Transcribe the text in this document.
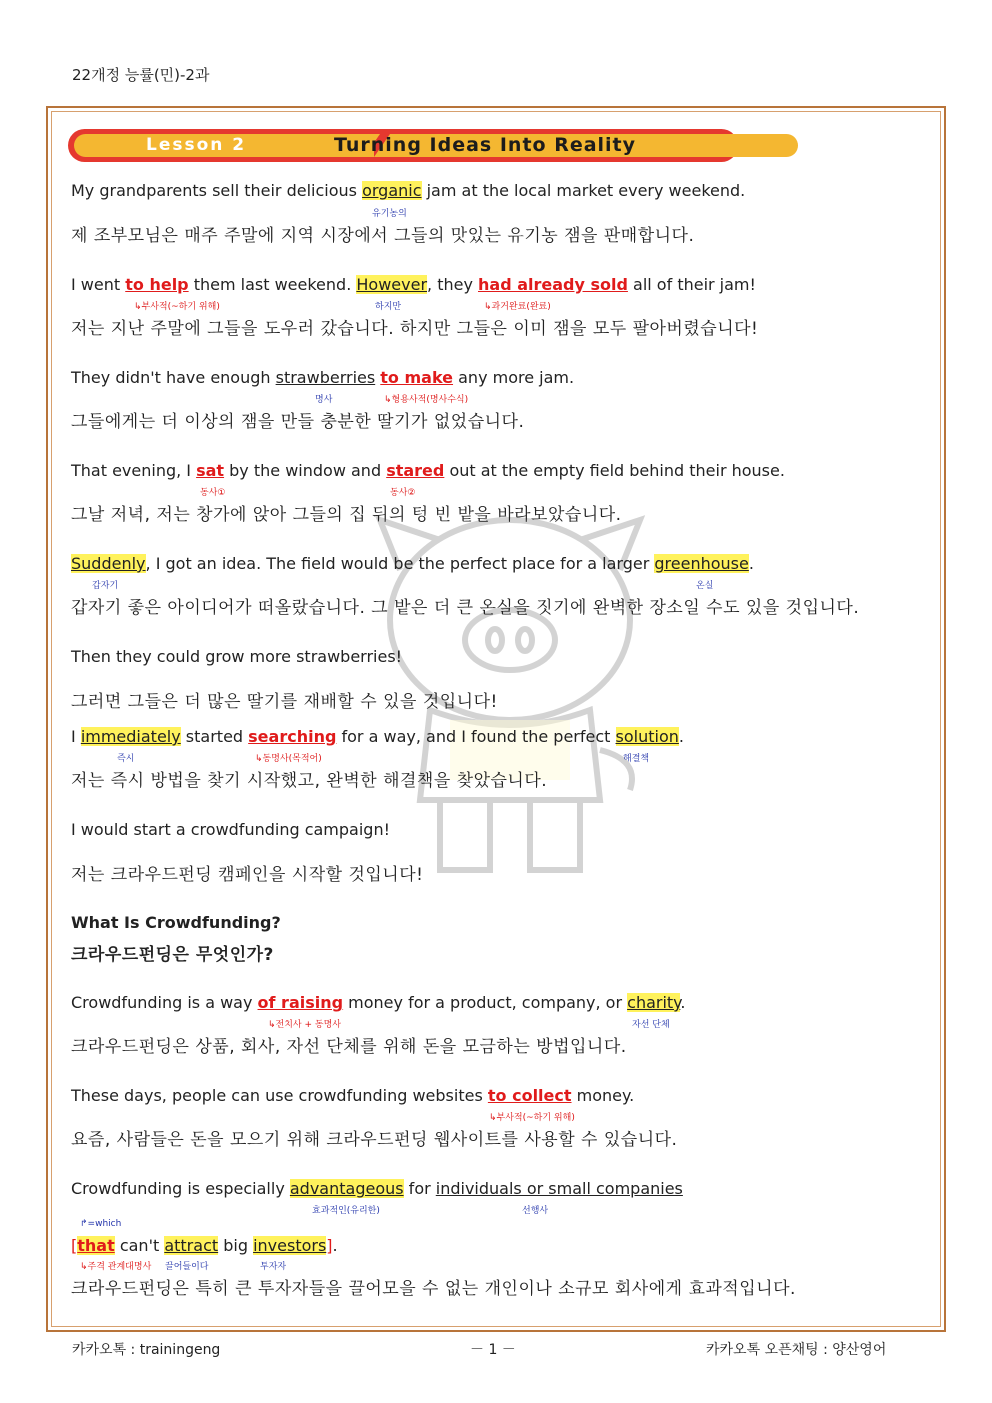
22개정 능률(민)-2과
Lesson 2	Turning Ideas Into Reality
My grandparents sell their delicious organic jam at the local market every weekend.
유기농의
제 조부모님은 매주 주말에 지역 시장에서 그들의 맛있는 유기농 잼을 판매합니다.
I went to help them last weekend. However, they had already sold all of their jam!
↳부사적(~하기 위해)	하지만	↳과거완료(완료)
저는 지난 주말에 그들을 도우러 갔습니다. 하지만 그들은 이미 잼을 모두 팔아버렸습니다!
They didn't have enough strawberries to make any more jam.
명사	↳형용사적(명사수식)
그들에게는 더 이상의 잼을 만들 충분한 딸기가 없었습니다.
That evening, I sat by the window and stared out at the empty field behind their house.
동사①	동사②
그날 저녁, 저는 창가에 앉아 그들의 집 뒤의 텅 빈 밭을 바라보았습니다.
Suddenly, I got an idea. The field would be the perfect place for a larger greenhouse.
갑자기	온실
갑자기 좋은 아이디어가 떠올랐습니다. 그 밭은 더 큰 온실을 짓기에 완벽한 장소일 수도 있을 것입니다.
Then they could grow more strawberries!
그러면 그들은 더 많은 딸기를 재배할 수 있을 것입니다!
I immediately started searching for a way, and I found the perfect solution.
즉시	↳동명사(목적어)	해결책
저는 즉시 방법을 찾기 시작했고, 완벽한 해결책을 찾았습니다.
I would start a crowdfunding campaign!
저는 크라우드펀딩 캠페인을 시작할 것입니다!
What Is Crowdfunding?
크라우드펀딩은 무엇인가?
Crowdfunding is a way of raising money for a product, company, or charity.
↳전치사 + 동명사	자선 단체
크라우드펀딩은 상품, 회사, 자선 단체를 위해 돈을 모금하는 방법입니다.
These days, people can use crowdfunding websites to collect money.
↳부사적(~하기 위해)
요즘, 사람들은 돈을 모으기 위해 크라우드펀딩 웹사이트를 사용할 수 있습니다.
Crowdfunding is especially advantageous for individuals or small companies
효과적인(유리한)	선행사
↱=which
[that can't attract big investors].
↳주격 관계대명사 끌어들이다	투자자
크라우드펀딩은 특히 큰 투자자들을 끌어모을 수 없는 개인이나 소규모 회사에게 효과적입니다.
카카오톡 : trainingeng	－ 1 －	카카오톡 오픈채팅 : 양산영어
